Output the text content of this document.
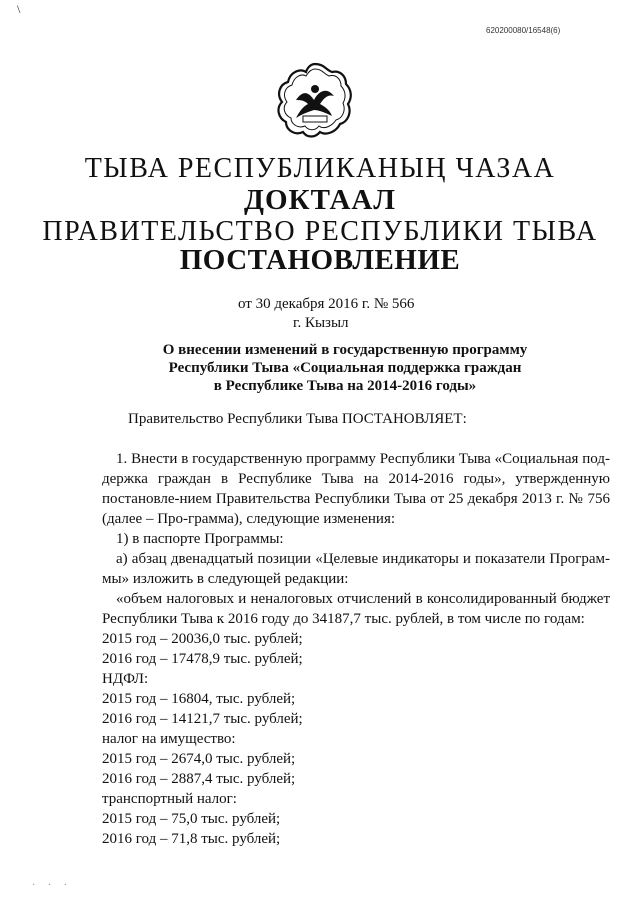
\
620200080/16548(6)
ТЫВА РЕСПУБЛИКАНЫҢ ЧАЗАА
ДОКТААЛ
ПРАВИТЕЛЬСТВО РЕСПУБЛИКИ ТЫВА
ПОСТАНОВЛЕНИЕ
от 30 декабря 2016 г. № 566
г. Кызыл
О внесении изменений в государственную программу
Республики Тыва «Социальная поддержка граждан
в Республике Тыва на 2014-2016 годы»
Правительство Республики Тыва ПОСТАНОВЛЯЕТ:

1. Внести в государственную программу Республики Тыва «Социальная под-держка граждан в Республике Тыва на 2014-2016 годы», утвержденную постановле-нием Правительства Республики Тыва от 25 декабря 2013 г. № 756 (далее – Про-грамма), следующие изменения:

1) в паспорте Программы:

а) абзац двенадцатый позиции «Целевые индикаторы и показатели Програм-мы» изложить в следующей редакции:

«объем налоговых и неналоговых отчислений в консолидированный бюджет Республики Тыва к 2016 году до 34187,7 тыс. рублей, в том числе по годам:

2015 год – 20036,0 тыс. рублей;

2016 год – 17478,9 тыс. рублей;

НДФЛ:

2015 год – 16804, тыс. рублей;

2016 год – 14121,7 тыс. рублей;

налог на имущество:

2015 год – 2674,0 тыс. рублей;

2016 год – 2887,4 тыс. рублей;

транспортный налог:

2015 год – 75,0 тыс. рублей;

2016 год – 71,8 тыс. рублей;

· · ·
